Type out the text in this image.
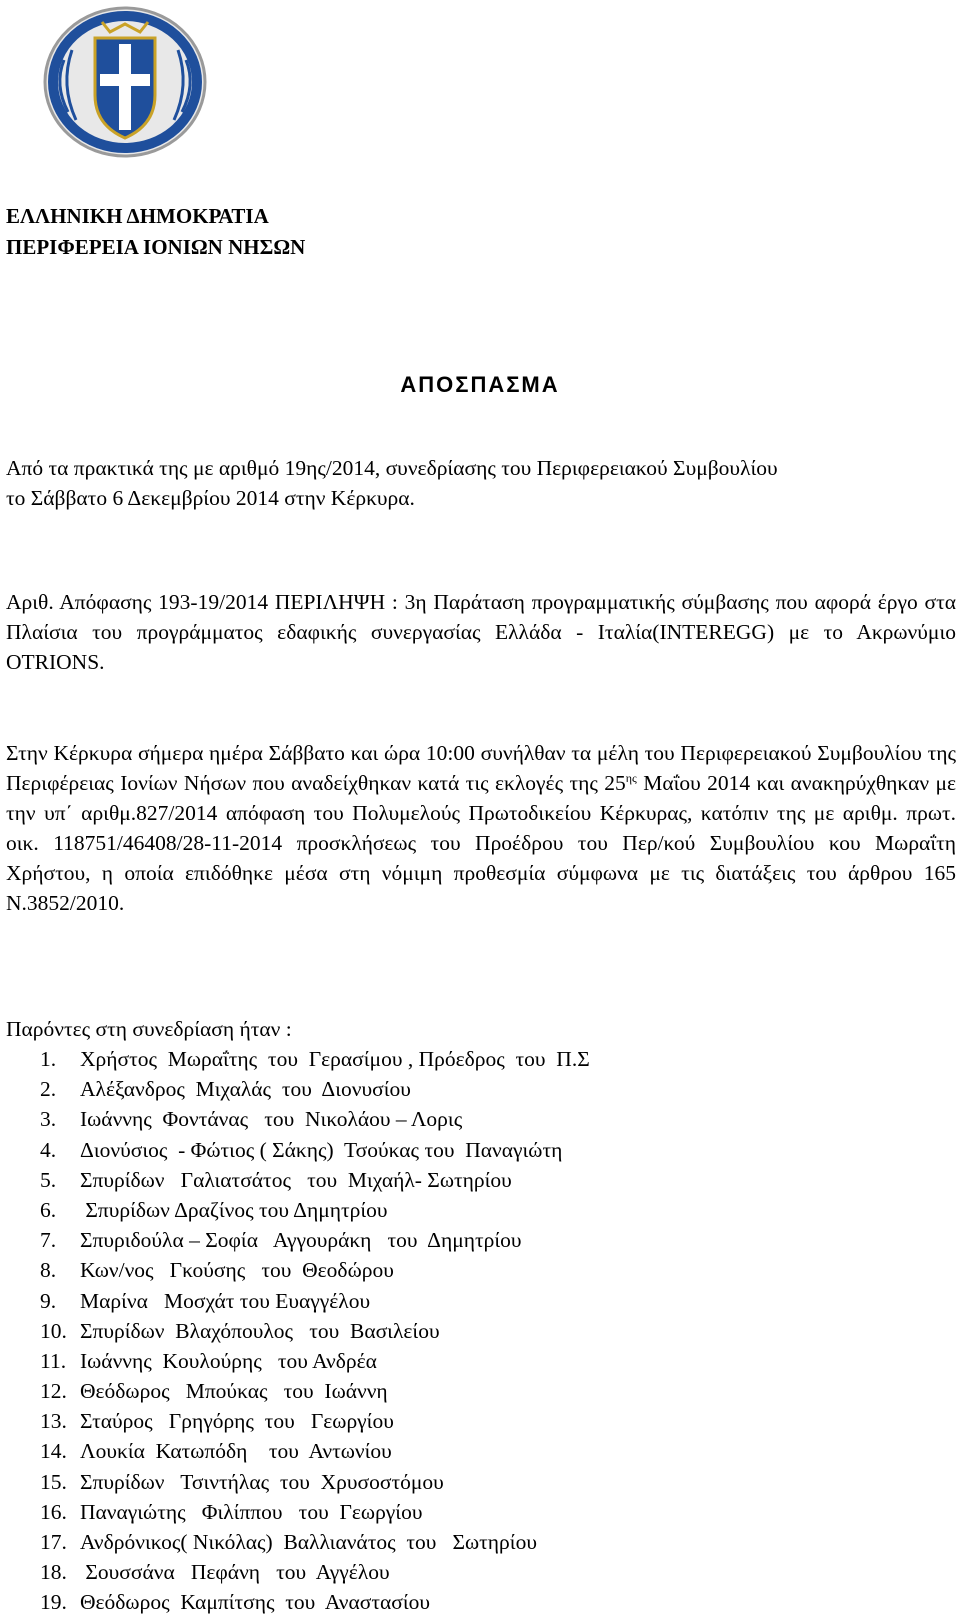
ΕΛΛΗΝΙΚΗ ΔΗΜΟΚΡΑΤΙΑ
ΠΕΡΙΦΕΡΕΙΑ ΙΟΝΙΩΝ ΝΗΣΩΝ
ΑΠΟΣΠΑΣΜΑ
Από τα πρακτικά της με αριθμό 19ης/2014, συνεδρίασης του Περιφερειακού Συμβουλίου
το Σάββατο 6 Δεκεμβρίου 2014 στην Κέρκυρα.
Αριθ. Απόφασης 193-19/2014 ΠΕΡΙΛΗΨΗ : 3η Παράταση προγραμματικής σύμβασης που αφορά έργο στα Πλαίσια του προγράμματος εδαφικής συνεργασίας Ελλάδα - Ιταλία(INTEREGG) με το Ακρωνύμιο OTRIONS.
Στην Κέρκυρα σήμερα ημέρα Σάββατο και ώρα 10:00 συνήλθαν τα μέλη του Περιφερειακού Συμβουλίου της Περιφέρειας Ιονίων Νήσων που αναδείχθηκαν κατά τις εκλογές της $25^{\eta\varsigma}$ Μαΐου 2014 και ανακηρύχθηκαν με την υπ΄ αριθμ.827/2014 απόφαση του Πολυμελούς Πρωτοδικείου Κέρκυρας, κατόπιν της με αριθμ. πρωτ. οικ. 118751/46408/28-11-2014 προσκλήσεως του Προέδρου του Περ/κού Συμβουλίου κου Μωραΐτη Χρήστου, η οποία επιδόθηκε μέσα στη νόμιμη προθεσμία σύμφωνα με τις διατάξεις του άρθρου 165 Ν.3852/2010.
Παρόντες στη συνεδρίαση ήταν :
1. Χρήστος  Μωραΐτης  του  Γερασίμου , Πρόεδρος  του  Π.Σ
2. Αλέξανδρος  Μιχαλάς  του  Διονυσίου
3. Ιωάννης  Φοντάνας   του  Νικολάου – Λορις
4. Διονύσιος  - Φώτιος ( Σάκης)  Τσούκας του  Παναγιώτη
5. Σπυρίδων   Γαλιατσάτος   του  Μιχαήλ- Σωτηρίου
6. Σπυρίδων Δραζίνος του Δημητρίου
7. Σπυριδούλα – Σοφία   Αγγουράκη   του  Δημητρίου
8. Κων/νος   Γκούσης   του  Θεοδώρου
9. Μαρίνα   Μοσχάτ του Ευαγγέλου
10. Σπυρίδων  Βλαχόπουλος   του  Βασιλείου
11. Ιωάννης  Κουλούρης   του Ανδρέα
12. Θεόδωρος   Μπούκας   του  Ιωάννη
13. Σταύρος   Γρηγόρης  του   Γεωργίου
14. Λουκία  Κατωπόδη    του  Αντωνίου
15. Σπυρίδων   Τσιντήλας  του  Χρυσοστόμου
16. Παναγιώτης   Φιλίππου   του  Γεωργίου
17. Ανδρόνικος( Νικόλας)  Βαλλιανάτος  του   Σωτηρίου
18. Σουσσάνα   Πεφάνη   του  Αγγέλου
19. Θεόδωρος  Καμπίτσης  του  Αναστασίου
